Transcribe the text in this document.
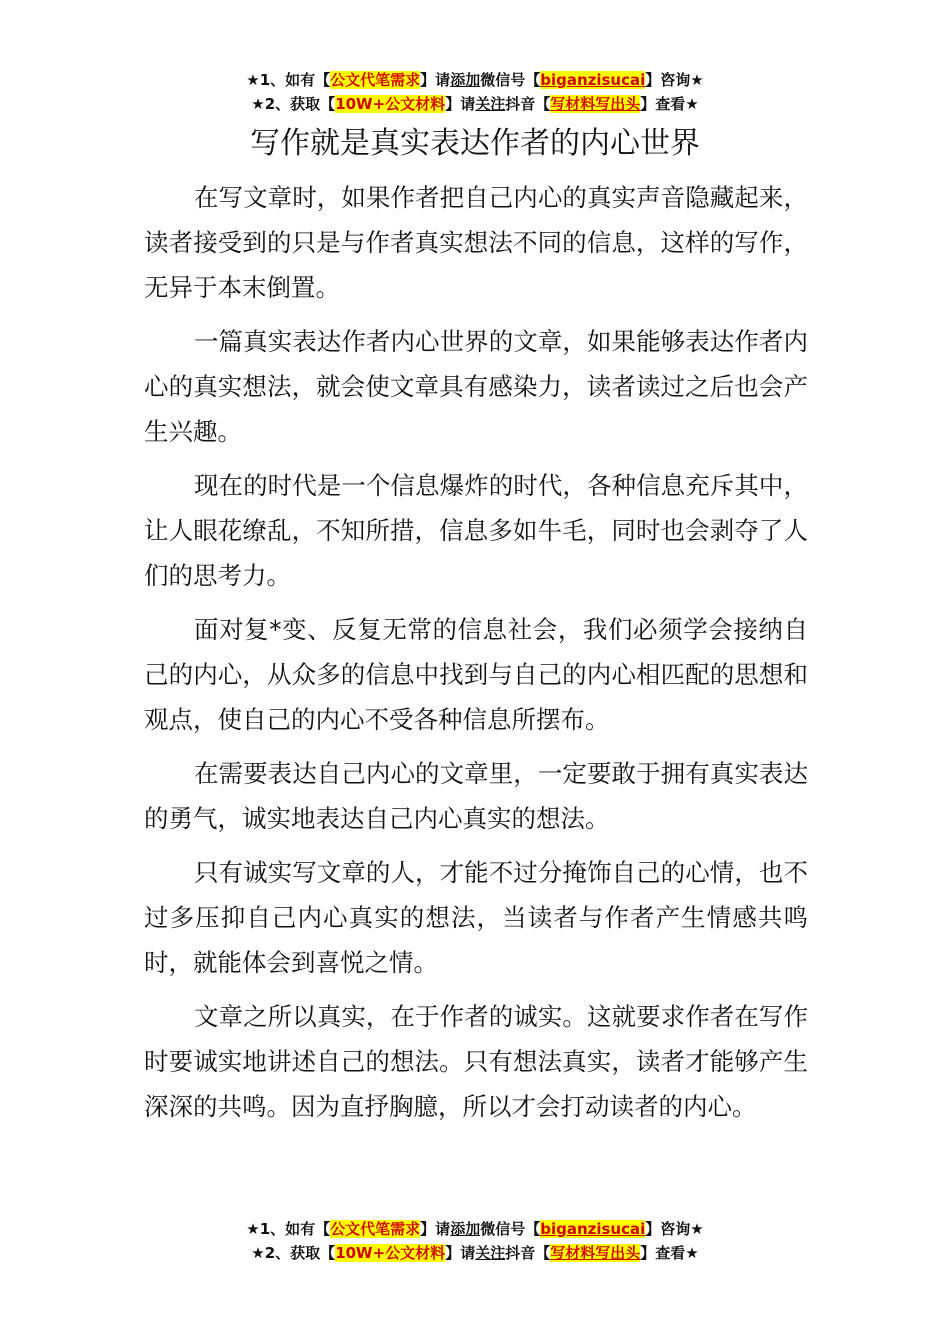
★1、如有【公文代笔需求】请添加微信号【biganzisucai】咨询★
★2、获取【10W+公文材料】请关注抖音【写材料写出头】查看★
写作就是真实表达作者的内心世界

在写文章时，如果作者把自己内心的真实声音隐藏起来，读者接受到的只是与作者真实想法不同的信息，这样的写作，无异于本末倒置。

一篇真实表达作者内心世界的文章，如果能够表达作者内心的真实想法，就会使文章具有感染力，读者读过之后也会产生兴趣。

现在的时代是一个信息爆炸的时代，各种信息充斥其中，让人眼花缭乱，不知所措，信息多如牛毛，同时也会剥夺了人们的思考力。

面对复*变、反复无常的信息社会，我们必须学会接纳自己的内心，从众多的信息中找到与自己的内心相匹配的思想和观点，使自己的内心不受各种信息所摆布。

在需要表达自己内心的文章里，一定要敢于拥有真实表达的勇气，诚实地表达自己内心真实的想法。

只有诚实写文章的人，才能不过分掩饰自己的心情，也不过多压抑自己内心真实的想法，当读者与作者产生情感共鸣时，就能体会到喜悦之情。

文章之所以真实，在于作者的诚实。这就要求作者在写作时要诚实地讲述自己的想法。只有想法真实，读者才能够产生深深的共鸣。因为直抒胸臆，所以才会打动读者的内心。

★1、如有【公文代笔需求】请添加微信号【biganzisucai】咨询★
★2、获取【10W+公文材料】请关注抖音【写材料写出头】查看★
